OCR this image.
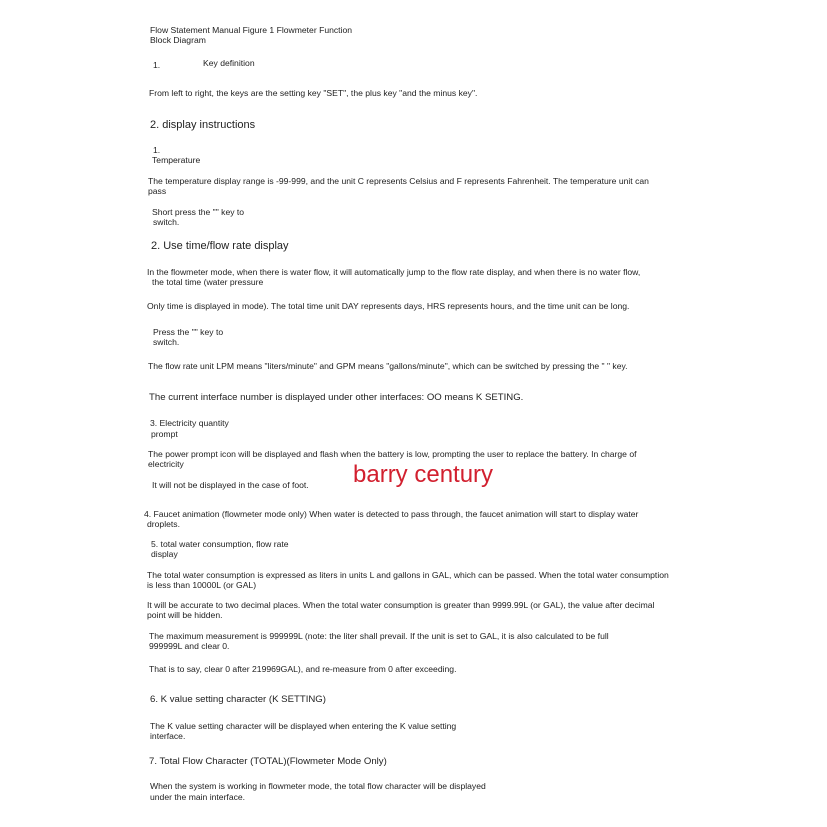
Flow Statement Manual Figure 1 Flowmeter Function
Block Diagram
1.	Key definition
From left to right, the keys are the setting key "SET", the plus key "and the minus key".
2. display instructions
1.
Temperature
The temperature display range is -99-999, and the unit C represents Celsius and F represents Fahrenheit. The temperature unit can
pass
Short press the "" key to
switch.
2. Use time/flow rate display
In the flowmeter mode, when there is water flow, it will automatically jump to the flow rate display, and when there is no water flow,
the total time (water pressure
Only time is displayed in mode). The total time unit DAY represents days, HRS represents hours, and the time unit can be long.
Press the "" key to
switch.
The flow rate unit LPM means "liters/minute" and GPM means "gallons/minute", which can be switched by pressing the " " key.
The current interface number is displayed under other interfaces: OO means K SETING.
3. Electricity quantity
prompt
The power prompt icon will be displayed and flash when the battery is low, prompting the user to replace the battery. In charge of
electricity
It will not be displayed in the case of foot. barry century
4. Faucet animation (flowmeter mode only) When water is detected to pass through, the faucet animation will start to display water
droplets.
5. total water consumption, flow rate
display
The total water consumption is expressed as liters in units L and gallons in GAL, which can be passed. When the total water consumption
is less than 10000L (or GAL)
It will be accurate to two decimal places. When the total water consumption is greater than 9999.99L (or GAL), the value after decimal
point will be hidden.
The maximum measurement is 999999L (note: the liter shall prevail. If the unit is set to GAL, it is also calculated to be full
999999L and clear 0.
That is to say, clear 0 after 219969GAL), and re-measure from 0 after exceeding.
6. K value setting character (K SETTING)
The K value setting character will be displayed when entering the K value setting
interface.
7. Total Flow Character (TOTAL)(Flowmeter Mode Only)
When the system is working in flowmeter mode, the total flow character will be displayed
under the main interface.
